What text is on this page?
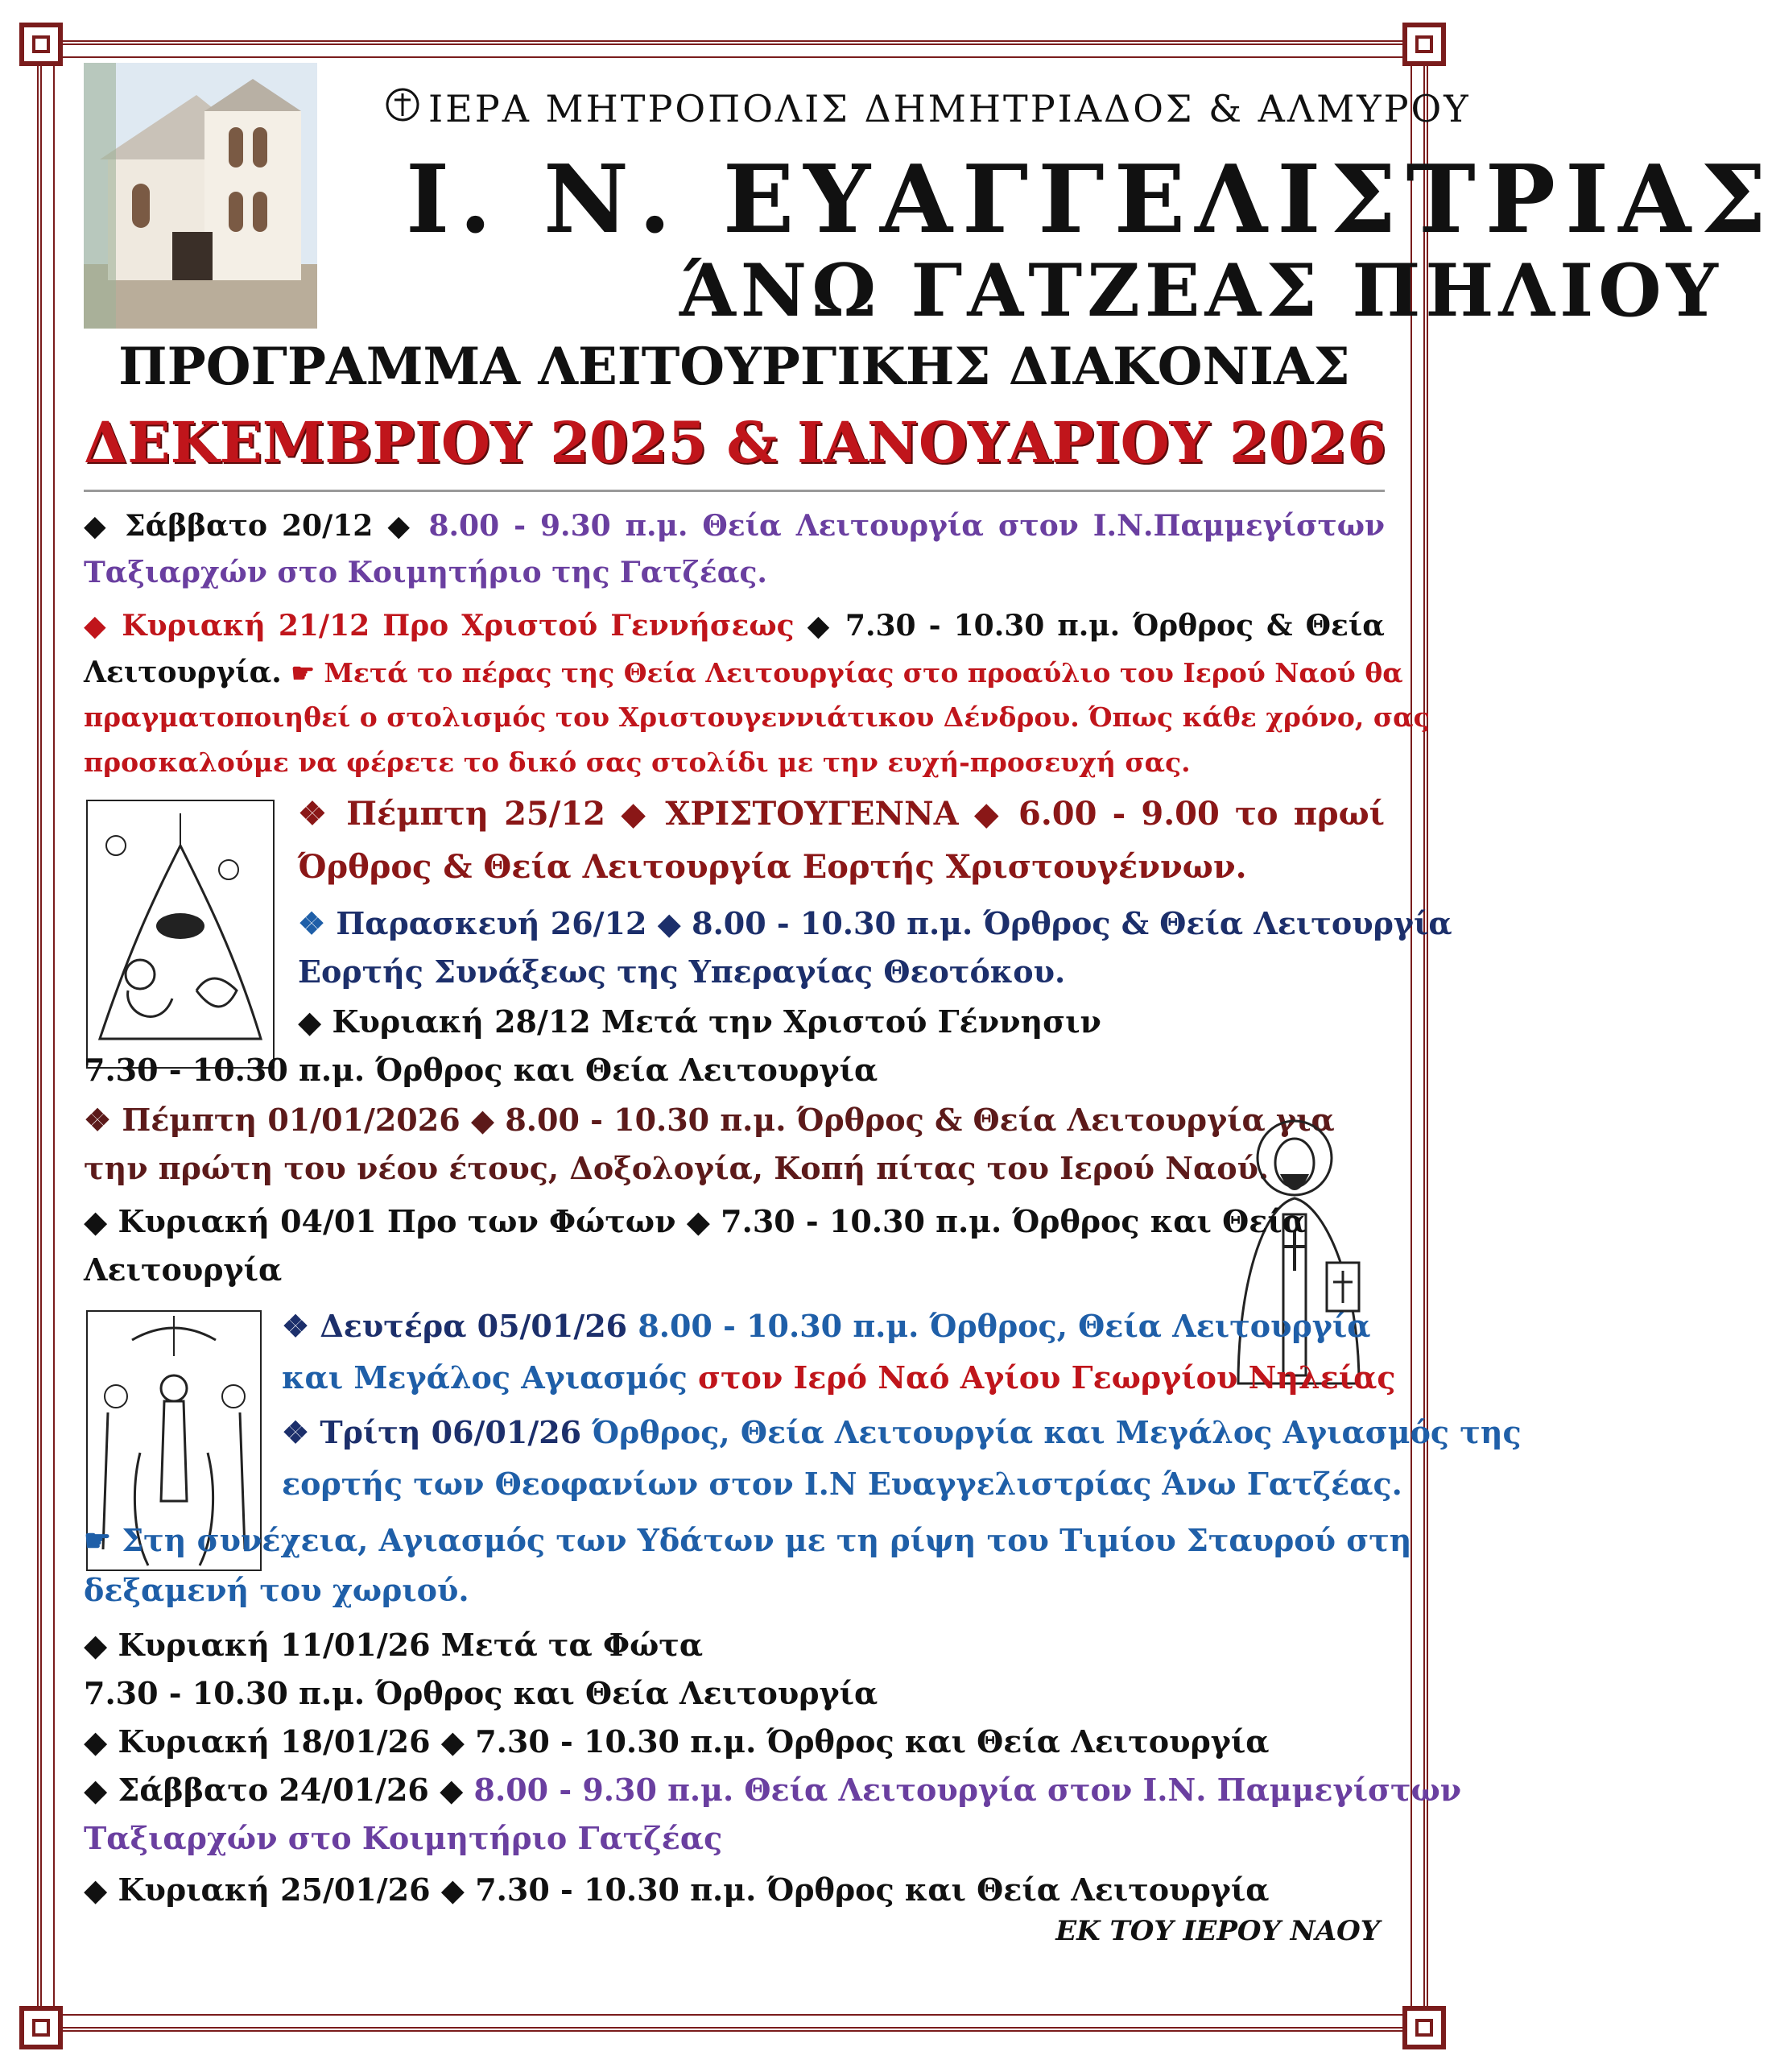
ΙΕΡΑ ΜΗΤΡΟΠΟΛΙΣ ΔΗΜΗΤΡΙΑΔΟΣ & ΑΛΜΥΡΟΥ
Ι. Ν. ΕΥΑΓΓΕΛΙΣΤΡΙΑΣ
ΆΝΩ ΓΑΤΖΕΑΣ ΠΗΛΙΟΥ
ΠΡΟΓΡΑΜΜΑ ΛΕΙΤΟΥΡΓΙΚΗΣ ΔΙΑΚΟΝΙΑΣ
ΔΕΚΕΜΒΡΙΟΥ 2025 & ΙΑΝΟΥΑΡΙΟΥ 2026
◆ Σάββατο 20/12 ◆ 8.00 - 9.30 π.μ. Θεία Λειτουργία στον Ι.Ν.Παμμεγίστων
Ταξιαρχών στο Κοιμητήριο της Γατζέας.
◆ Κυριακή 21/12 Προ Χριστού Γεννήσεως ◆ 7.30 - 10.30 π.μ. Όρθρος & Θεία
Λειτουργία. ☛ Μετά το πέρας της Θεία Λειτουργίας στο προαύλιο του Ιερού Ναού θα
πραγματοποιηθεί ο στολισμός του Χριστουγεννιάτικου Δένδρου. Όπως κάθε χρόνο, σας
προσκαλούμε να φέρετε το δικό σας στολίδι με την ευχή-προσευχή σας.
❖ Πέμπτη 25/12 ◆ ΧΡΙΣΤΟΥΓΕΝΝΑ ◆ 6.00 - 9.00 το πρωί
Όρθρος & Θεία Λειτουργία Εορτής Χριστουγέννων.
❖ Παρασκευή 26/12 ◆ 8.00 - 10.30 π.μ. Όρθρος & Θεία Λειτουργία
Εορτής Συνάξεως της Υπεραγίας Θεοτόκου.
◆ Κυριακή 28/12 Μετά την Χριστού Γέννησιν
7.30 - 10.30 π.μ. Όρθρος και Θεία Λειτουργία
❖ Πέμπτη 01/01/2026 ◆ 8.00 - 10.30 π.μ. Όρθρος & Θεία Λειτουργία για
την πρώτη του νέου έτους, Δοξολογία, Κοπή πίτας του Ιερού Ναού.
◆ Κυριακή 04/01 Προ των Φώτων ◆ 7.30 - 10.30 π.μ. Όρθρος και Θεία
Λειτουργία
❖ Δευτέρα 05/01/26 8.00 - 10.30 π.μ. Όρθρος, Θεία Λειτουργία
και Μεγάλος Αγιασμός στον Ιερό Ναό Αγίου Γεωργίου Νηλείας
❖ Τρίτη 06/01/26 Όρθρος, Θεία Λειτουργία και Μεγάλος Αγιασμός της
εορτής των Θεοφανίων στον Ι.Ν Ευαγγελιστρίας Άνω Γατζέας.
☛ Στη συνέχεια, Αγιασμός των Υδάτων με τη ρίψη του Τιμίου Σταυρού στη
δεξαμενή του χωριού.
◆ Κυριακή 11/01/26 Μετά τα Φώτα
7.30 - 10.30 π.μ. Όρθρος και Θεία Λειτουργία
◆ Κυριακή 18/01/26 ◆ 7.30 - 10.30 π.μ. Όρθρος και Θεία Λειτουργία
◆ Σάββατο 24/01/26 ◆ 8.00 - 9.30 π.μ. Θεία Λειτουργία στον Ι.Ν. Παμμεγίστων
Ταξιαρχών στο Κοιμητήριο Γατζέας
◆ Κυριακή 25/01/26 ◆ 7.30 - 10.30 π.μ. Όρθρος και Θεία Λειτουργία
ΕΚ ΤΟΥ ΙΕΡΟΥ ΝΑΟΥ
